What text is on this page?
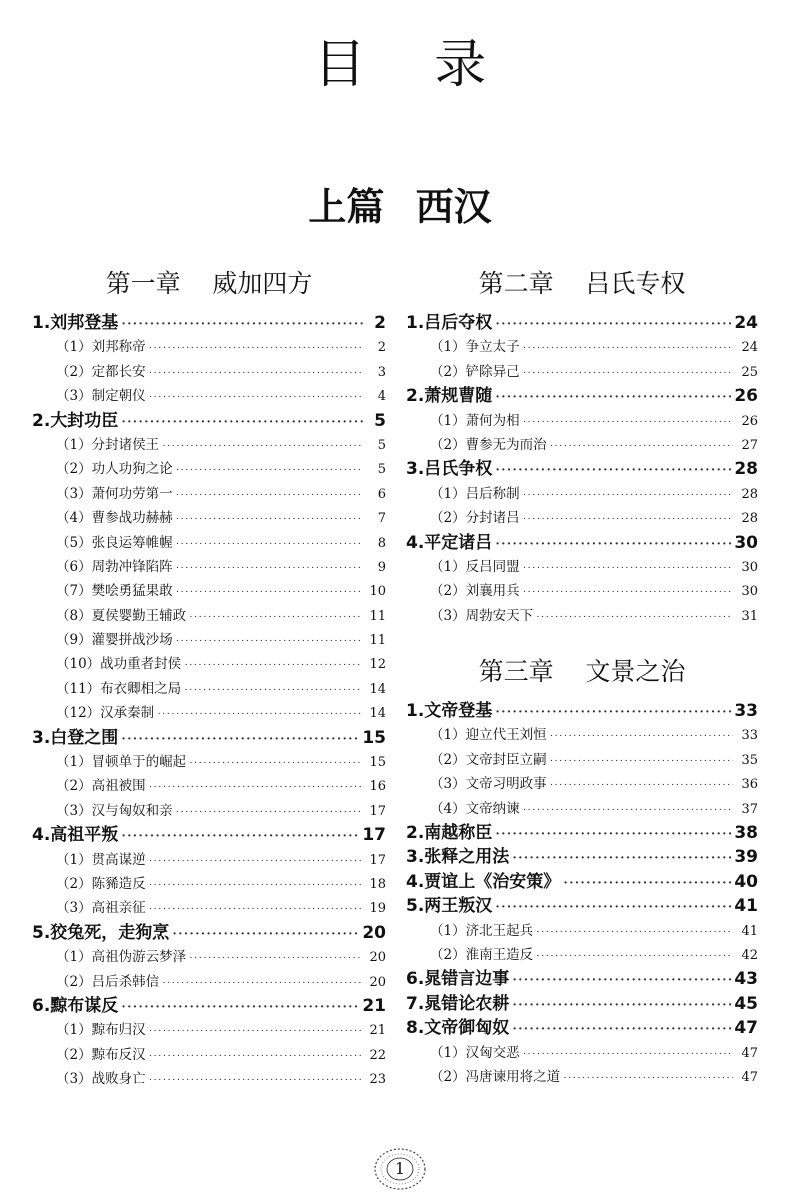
目 录
上篇 西汉
第一章    威加四方
1.刘邦登基 ·····	2
（1）刘邦称帝 ·····	2
（2）定都长安 ·····	3
（3）制定朝仪 ·····	4
2.大封功臣 ·····	5
（1）分封诸侯王 ·····	5
（2）功人功狗之论 ·····	5
（3）萧何功劳第一 ·····	6
（4）曹参战功赫赫 ·····	7
（5）张良运筹帷幄 ·····	8
（6）周勃冲锋陷阵 ·····	9
（7）樊哙勇猛果敢 ·····	10
（8）夏侯婴勤王辅政 ·····	11
（9）灌婴拼战沙场 ·····	11
（10）战功重者封侯 ·····	12
（11）布衣卿相之局 ·····	14
（12）汉承秦制 ·····	14
3.白登之围 ·····	15
（1）冒顿单于的崛起 ·····	15
（2）高祖被围 ·····	16
（3）汉与匈奴和亲 ·····	17
4.高祖平叛 ·····	17
（1）贯高谋逆 ·····	17
（2）陈豨造反 ·····	18
（3）高祖亲征 ·····	19
5.狡兔死，走狗烹 ·····	20
（1）高祖伪游云梦泽 ·····	20
（2）吕后杀韩信 ·····	20
6.黥布谋反 ·····	21
（1）黥布归汉 ·····	21
（2）黥布反汉 ·····	22
（3）战败身亡 ·····	23
第二章    吕氏专权
1.吕后夺权 ·····	24
（1）争立太子 ·····	24
（2）铲除异己 ·····	25
2.萧规曹随 ·····	26
（1）萧何为相 ·····	26
（2）曹参无为而治 ·····	27
3.吕氏争权 ·····	28
（1）吕后称制 ·····	28
（2）分封诸吕 ·····	28
4.平定诸吕 ·····	30
（1）反吕同盟 ·····	30
（2）刘襄用兵 ·····	30
（3）周勃安天下 ·····	31
第三章    文景之治
1.文帝登基 ·····	33
（1）迎立代王刘恒 ·····	33
（2）文帝封臣立嗣 ·····	35
（3）文帝习明政事 ·····	36
（4）文帝纳谏 ·····	37
2.南越称臣 ·····	38
3.张释之用法 ·····	39
4.贾谊上《治安策》 ·····	40
5.两王叛汉 ·····	41
（1）济北王起兵 ·····	41
（2）淮南王造反 ·····	42
6.晁错言边事 ·····	43
7.晁错论农耕 ·····	45
8.文帝御匈奴 ·····	47
（1）汉匈交恶 ·····	47
（2）冯唐谏用将之道 ·····	47
1
